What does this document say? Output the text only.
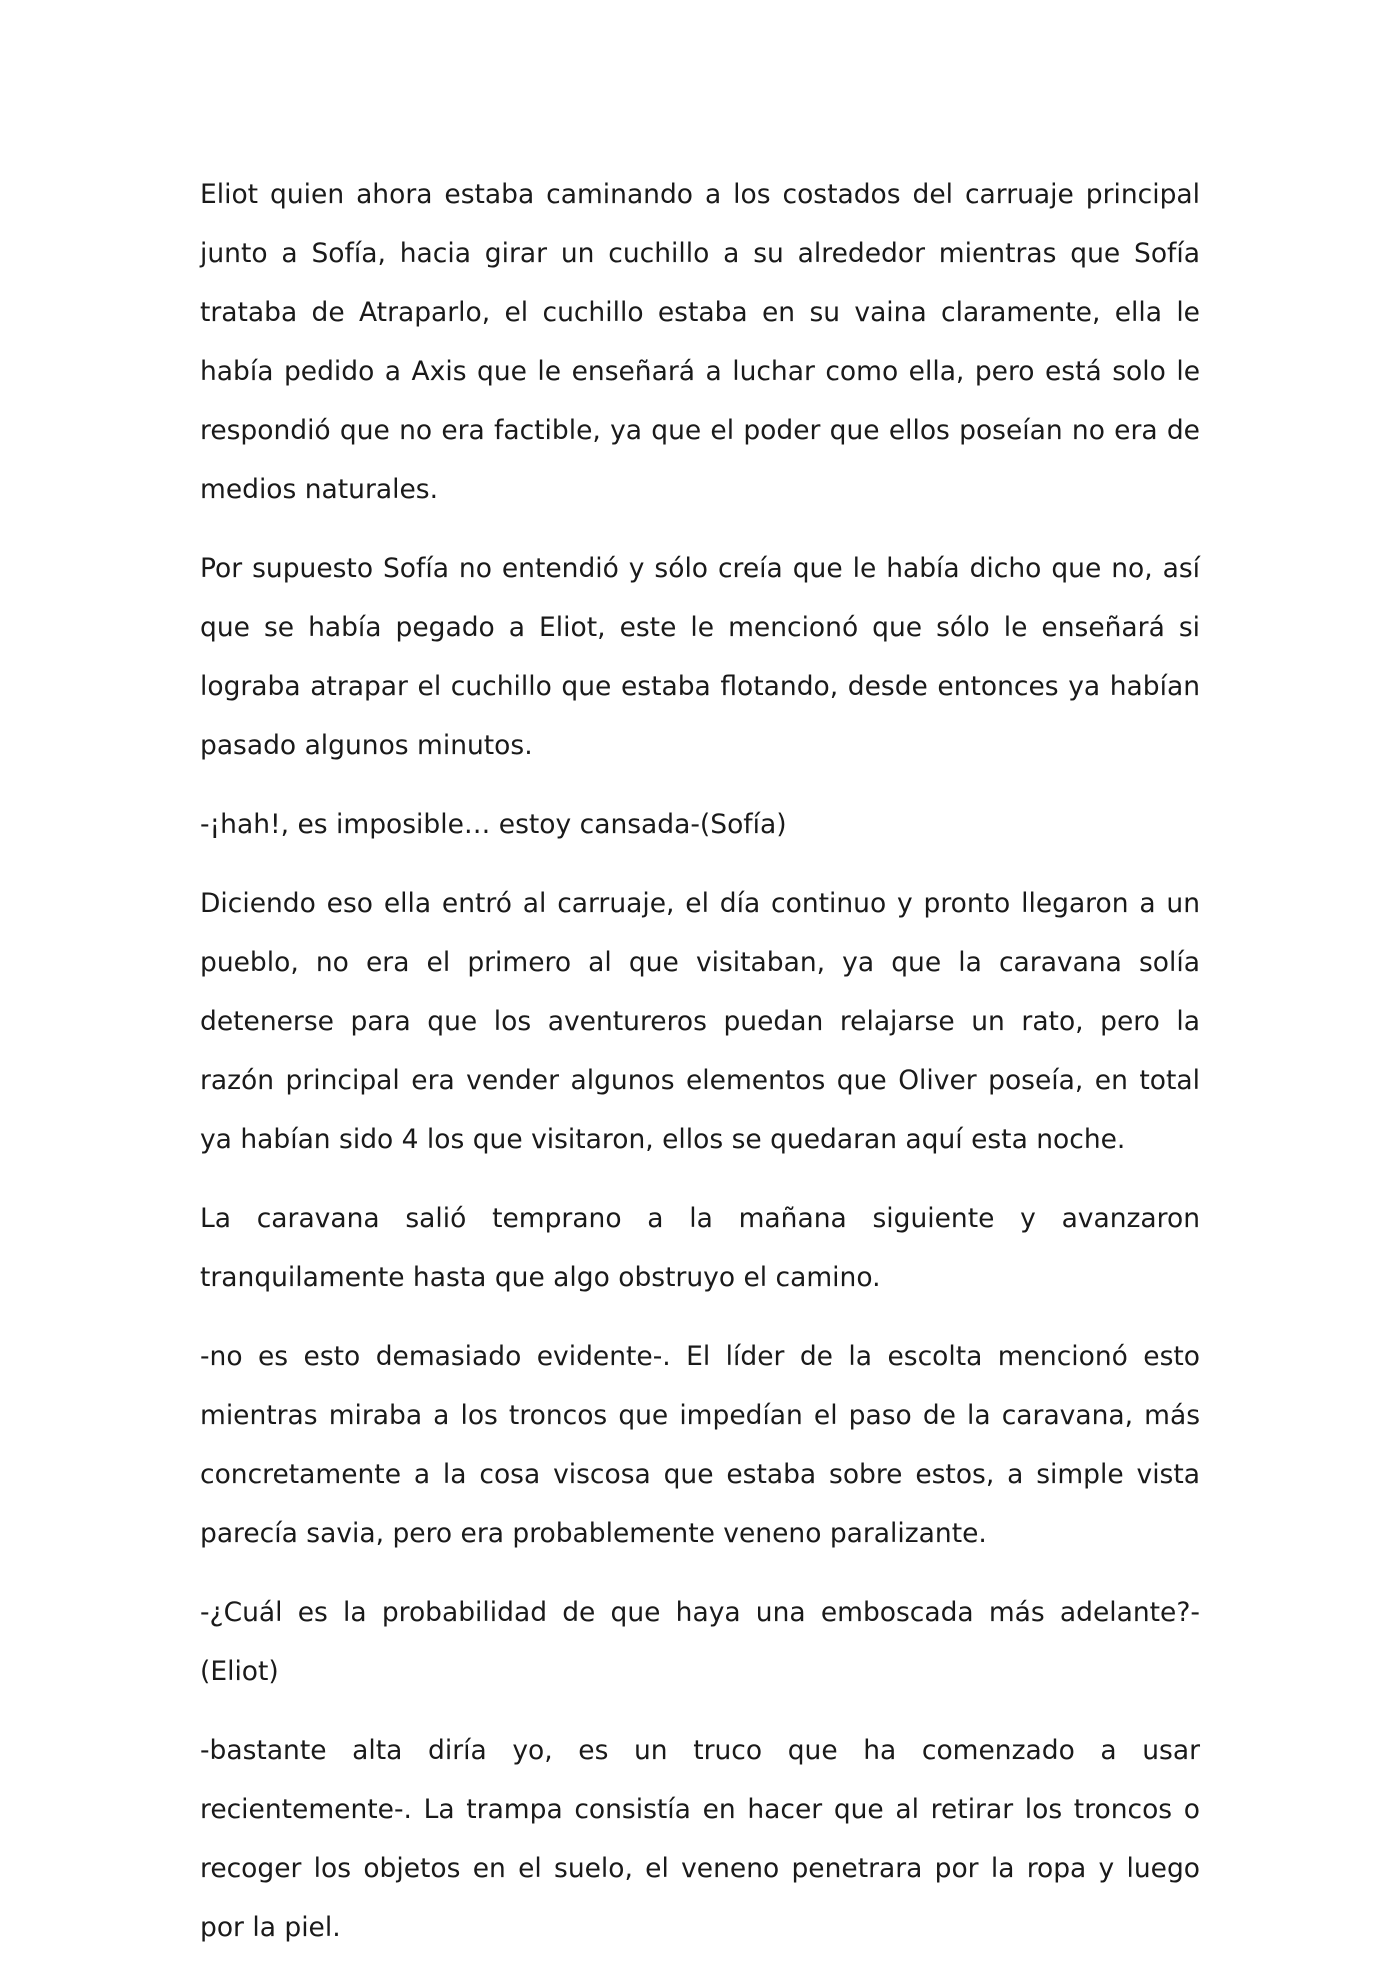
Eliot quien ahora estaba caminando a los costados del carruaje principal junto a Sofía, hacia girar un cuchillo a su alrededor mientras que Sofía trataba de Atraparlo, el cuchillo estaba en su vaina claramente, ella le había pedido a Axis que le enseñará a luchar como ella, pero está solo le respondió que no era factible, ya que el poder que ellos poseían no era de medios naturales.

Por supuesto Sofía no entendió y sólo creía que le había dicho que no, así que se había pegado a Eliot, este le mencionó que sólo le enseñará si lograba atrapar el cuchillo que estaba flotando, desde entonces ya habían pasado algunos minutos.

-¡hah!, es imposible… estoy cansada-(Sofía)

Diciendo eso ella entró al carruaje, el día continuo y pronto llegaron a un pueblo, no era el primero al que visitaban, ya que la caravana solía detenerse para que los aventureros puedan relajarse un rato, pero la razón principal era vender algunos elementos que Oliver poseía, en total ya habían sido 4 los que visitaron, ellos se quedaran aquí esta noche.

La caravana salió temprano a la mañana siguiente y avanzaron tranquilamente hasta que algo obstruyo el camino.

-no es esto demasiado evidente-. El líder de la escolta mencionó esto mientras miraba a los troncos que impedían el paso de la caravana, más concretamente a la cosa viscosa que estaba sobre estos, a simple vista parecía savia, pero era probablemente veneno paralizante.

-¿Cuál es la probabilidad de que haya una emboscada más adelante?-(Eliot)

-bastante alta diría yo, es un truco que ha comenzado a usar recientemente-. La trampa consistía en hacer que al retirar los troncos o recoger los objetos en el suelo, el veneno penetrara por la ropa y luego por la piel.
